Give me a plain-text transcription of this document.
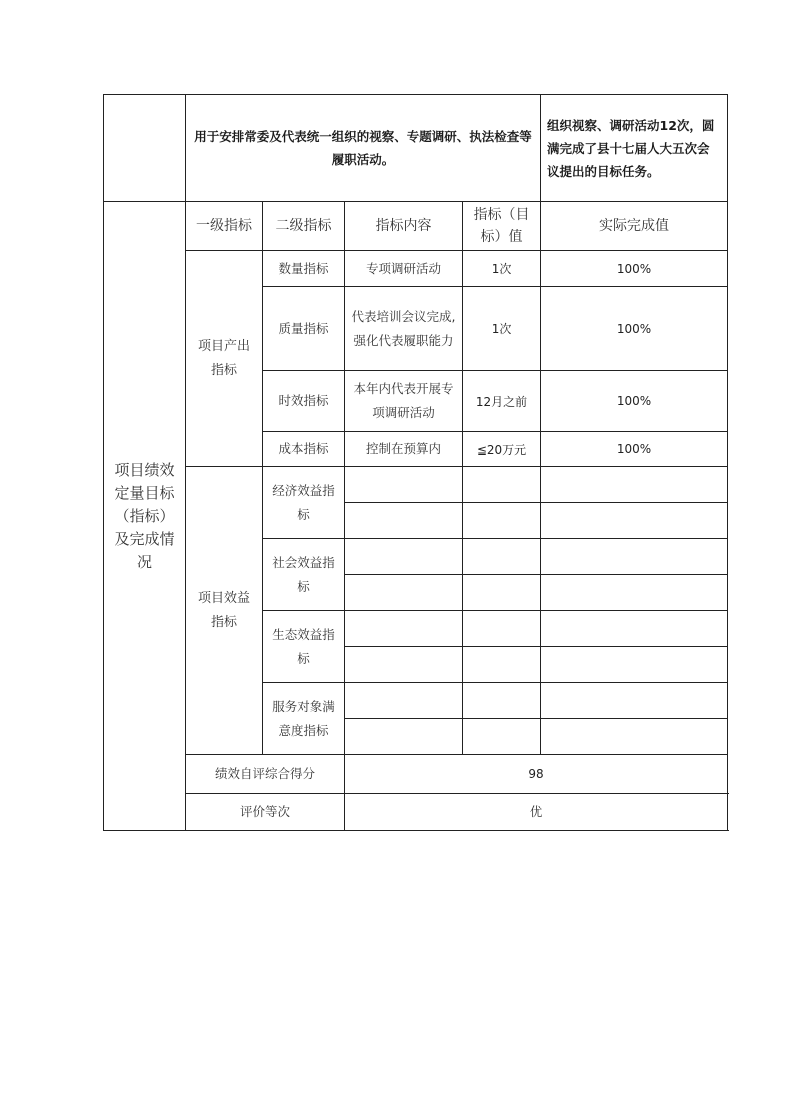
	用于安排常委及代表统一组织的视察、专题调研、执法检查等履职活动。				组织视察、调研活动12次，圆满完成了县十七届人大五次会议提出的目标任务。
项目绩效定量目标（指标）及完成情况	一级指标	二级指标	指标内容	指标（目标）值	实际完成值
	项目产出指标	数量指标	专项调研活动	1次	100%
		质量指标	代表培训会议完成,强化代表履职能力	1次	100%
		时效指标	本年内代表开展专项调研活动	12月之前	100%
		成本指标	控制在预算内	≦20万元	100%
	项目效益指标	经济效益指标			

		社会效益指标			

		生态效益指标			

		服务对象满意度指标			

	绩效自评综合得分		98		
	评价等次		优		
